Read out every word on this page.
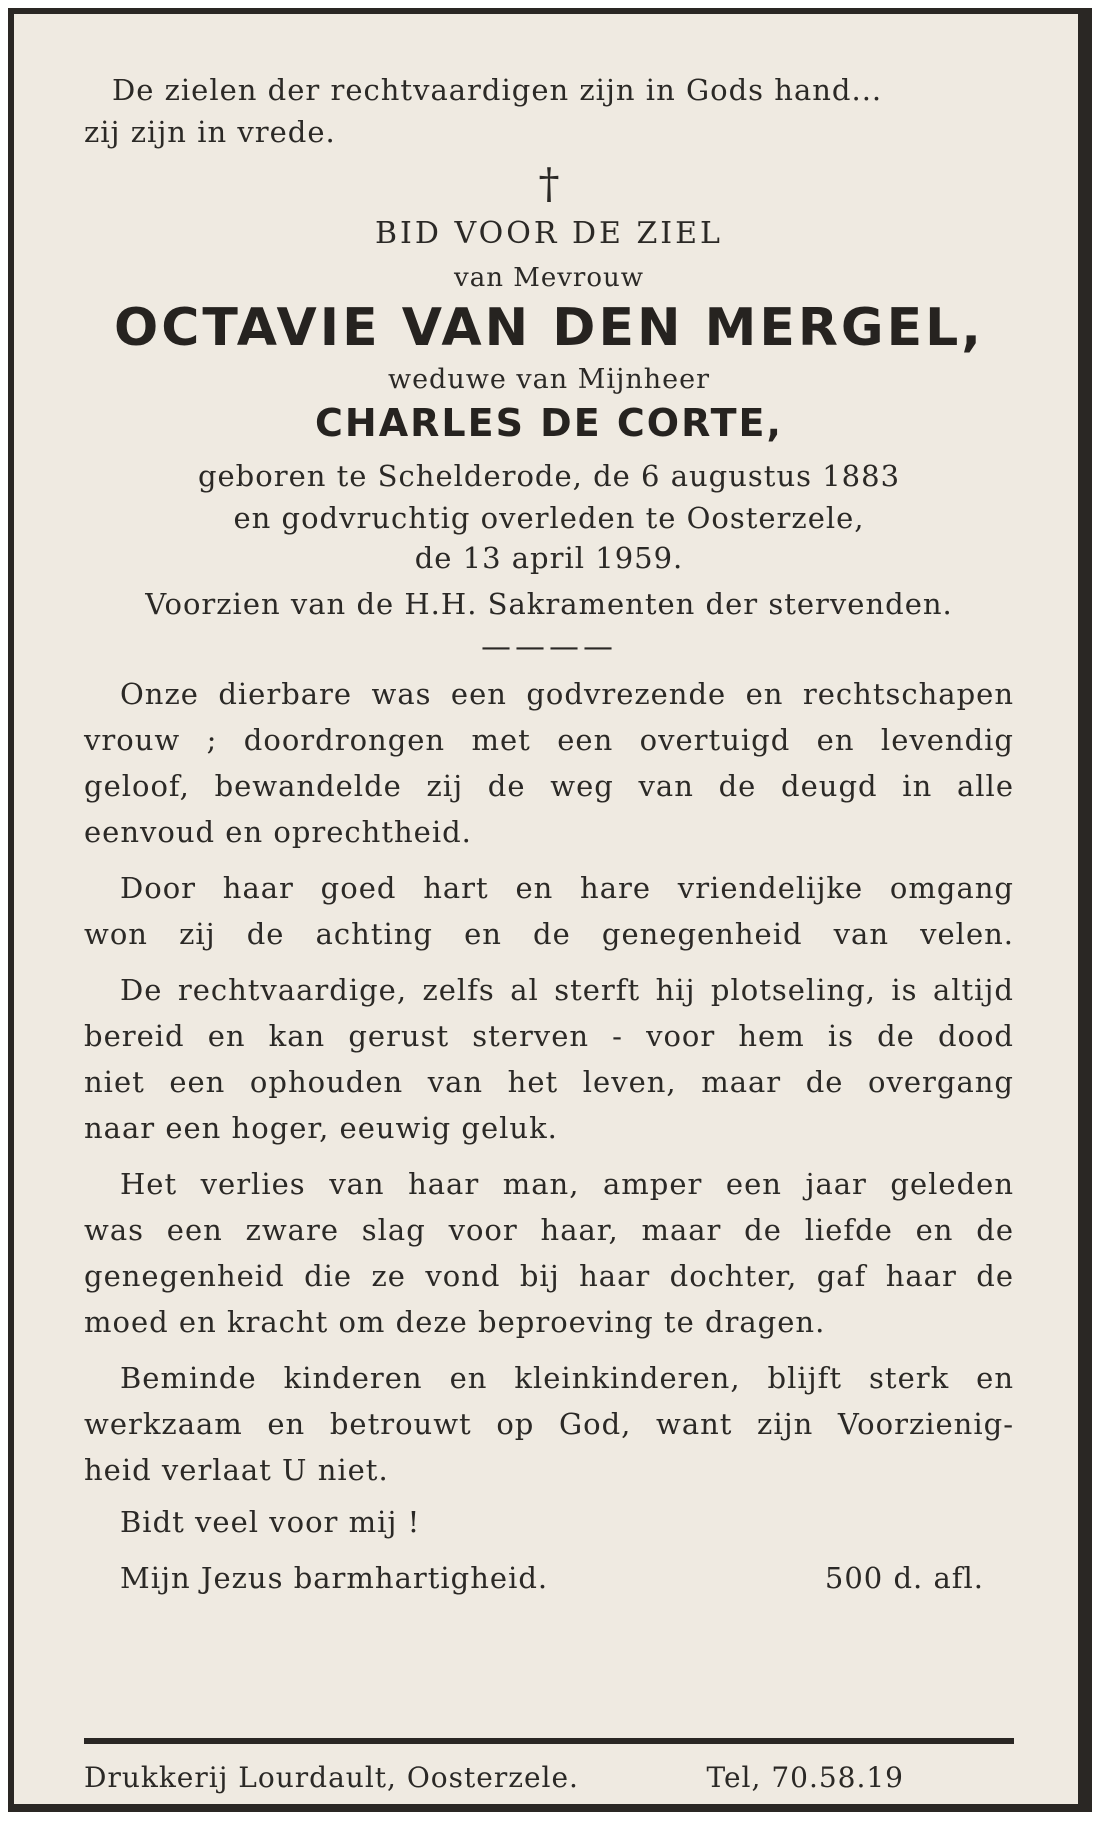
De zielen der rechtvaardigen zijn in Gods hand...
zij zijn in vrede.
†
BID VOOR DE ZIEL
van Mevrouw
OCTAVIE VAN DEN MERGEL,
weduwe van Mijnheer
CHARLES DE CORTE,
geboren te Schelderode, de 6 augustus 1883
en godvruchtig overleden te Oosterzele,
de 13 april 1959.
Voorzien van de H.H. Sakramenten der stervenden.
————
Onze dierbare was een godvrezende en rechtschapen
vrouw ; doordrongen met een overtuigd en levendig
geloof, bewandelde zij de weg van de deugd in alle
eenvoud en oprechtheid.
Door haar goed hart en hare vriendelijke omgang
won zij de achting en de genegenheid van velen.
De rechtvaardige, zelfs al sterft hij plotseling, is altijd
bereid en kan gerust sterven - voor hem is de dood
niet een ophouden van het leven, maar de overgang
naar een hoger, eeuwig geluk.
Het verlies van haar man, amper een jaar geleden
was een zware slag voor haar, maar de liefde en de
genegenheid die ze vond bij haar dochter, gaf haar de
moed en kracht om deze beproeving te dragen.
Beminde kinderen en kleinkinderen, blijft sterk en
werkzaam en betrouwt op God, want zijn Voorzienig-
heid verlaat U niet.
Bidt veel voor mij !
Mijn Jezus barmhartigheid.	500 d. afl.
Drukkerij Lourdault, Oosterzele.	Tel, 70.58.19
